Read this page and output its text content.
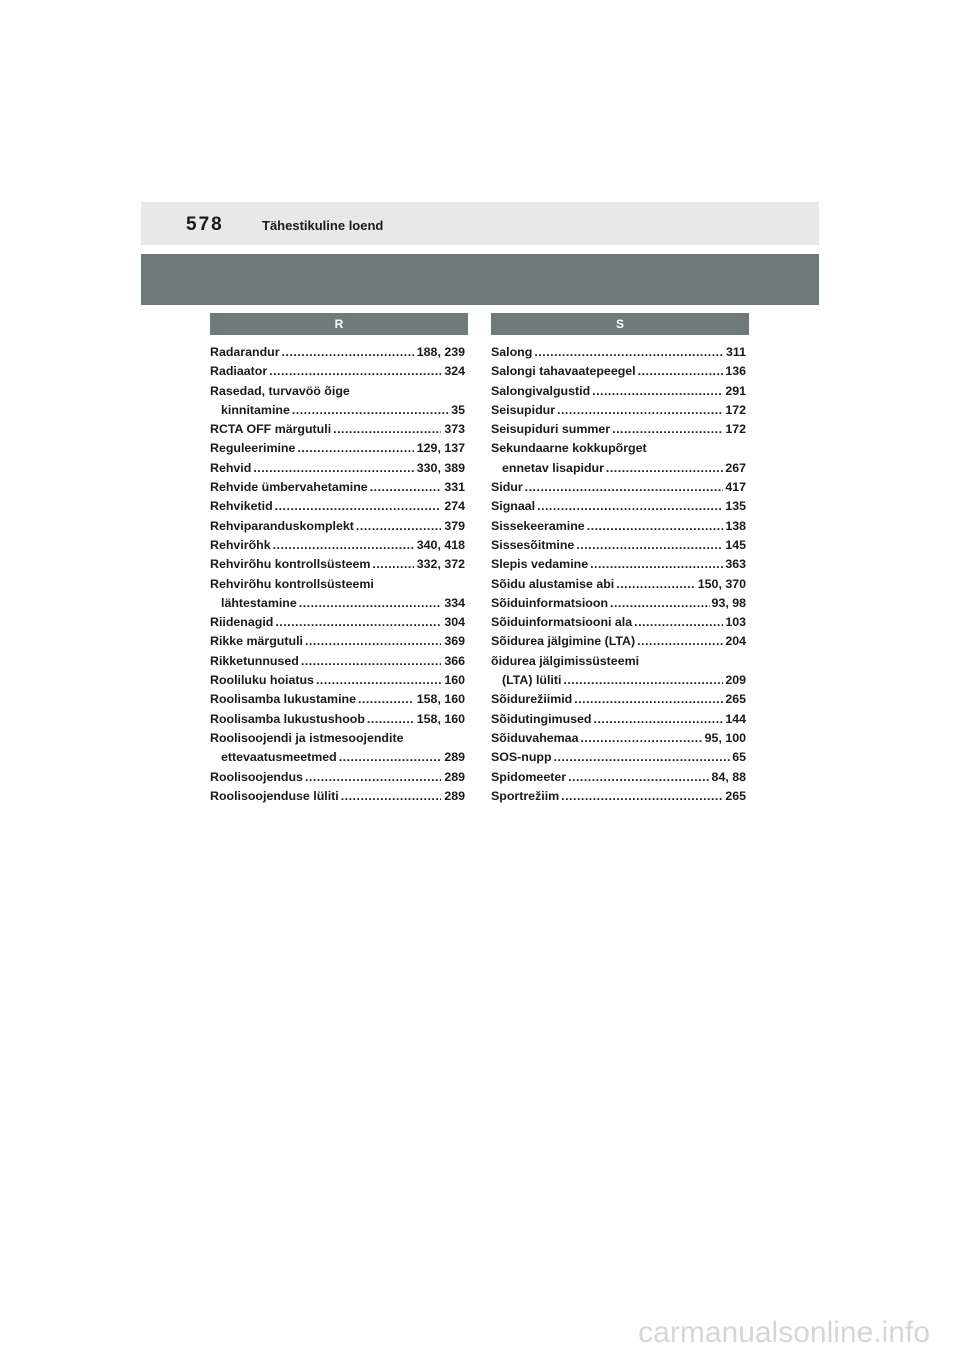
578	Tähestikuline loend
R
Radarandur .....	188, 239
Radiaator .....	324
Rasedad, turvavöö õige
kinnitamine .....	35
RCTA OFF märgutuli .....	373
Reguleerimine .....	129, 137
Rehvid .....	330, 389
Rehvide ümbervahetamine .....	331
Rehviketid .....	274
Rehviparanduskomplekt .....	379
Rehvirõhk .....	340, 418
Rehvirõhu kontrollsüsteem .....	332, 372
Rehvirõhu kontrollsüsteemi
lähtestamine .....	334
Riidenagid .....	304
Rikke märgutuli .....	369
Rikketunnused .....	366
Rooliluku hoiatus .....	160
Roolisamba lukustamine .....	158, 160
Roolisamba lukustushoob .....	158, 160
Roolisoojendi ja istmesoojendite
ettevaatusmeetmed .....	289
Roolisoojendus .....	289
Roolisoojenduse lüliti .....	289
S
Salong .....	311
Salongi tahavaatepeegel .....	136
Salongivalgustid .....	291
Seisupidur .....	172
Seisupiduri summer .....	172
Sekundaarne kokkupõrget
ennetav lisapidur .....	267
Sidur .....	417
Signaal .....	135
Sissekeeramine .....	138
Sissesõitmine .....	145
Slepis vedamine .....	363
Sõidu alustamise abi .....	150, 370
Sõiduinformatsioon .....	93, 98
Sõiduinformatsiooni ala .....	103
Sõidurea jälgimine (LTA) .....	204
õidurea jälgimissüsteemi
(LTA) lüliti .....	209
Sõidurežiimid .....	265
Sõidutingimused .....	144
Sõiduvahemaa .....	95, 100
SOS-nupp .....	65
Spidomeeter .....	84, 88
Sportrežiim .....	265
carmanualsonline.info
